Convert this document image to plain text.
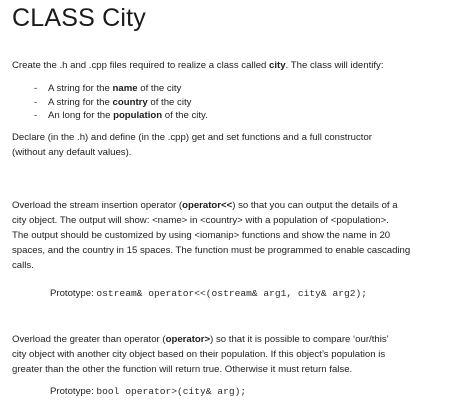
CLASS City
Create the .h and .cpp files required to realize a class called city. The class will identify:
- A string for the name of the city
- A string for the country of the city
- An long for the population of the city.
Declare (in the .h) and define (in the .cpp) get and set functions and a full constructor
(without any default values).
Overload the stream insertion operator (operator<<) so that you can output the details of a
city object. The output will show: <name> in <country> with a population of <population>.
The output should be customized by using <iomanip> functions and show the name in 20
spaces, and the country in 15 spaces. The function must be programmed to enable cascading
calls.
Prototype: ostream& operator<<(ostream& arg1, city& arg2);
Overload the greater than operator (operator>) so that it is possible to compare ‘our/this’
city object with another city object based on their population. If this object’s population is
greater than the other the function will return true. Otherwise it must return false.
Prototype: bool operator>(city& arg);
